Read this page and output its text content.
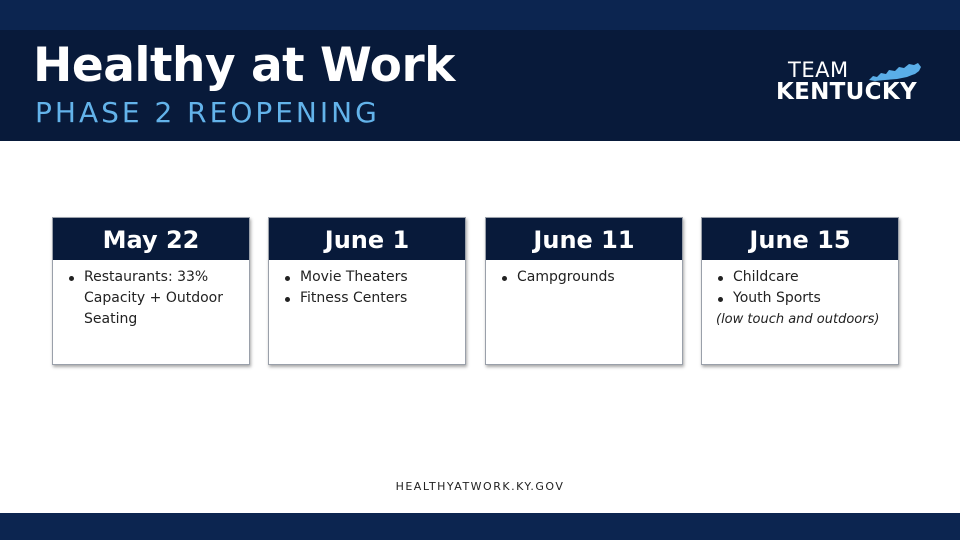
Healthy at Work
PHASE 2 REOPENING
TEAM
KENTUCKY
May 22
Restaurants: 33% Capacity + Outdoor Seating
June 1
Movie Theaters
Fitness Centers
June 11
Campgrounds
June 15
Childcare
Youth Sports
(low touch and outdoors)
HEALTHYATWORK.KY.GOV
